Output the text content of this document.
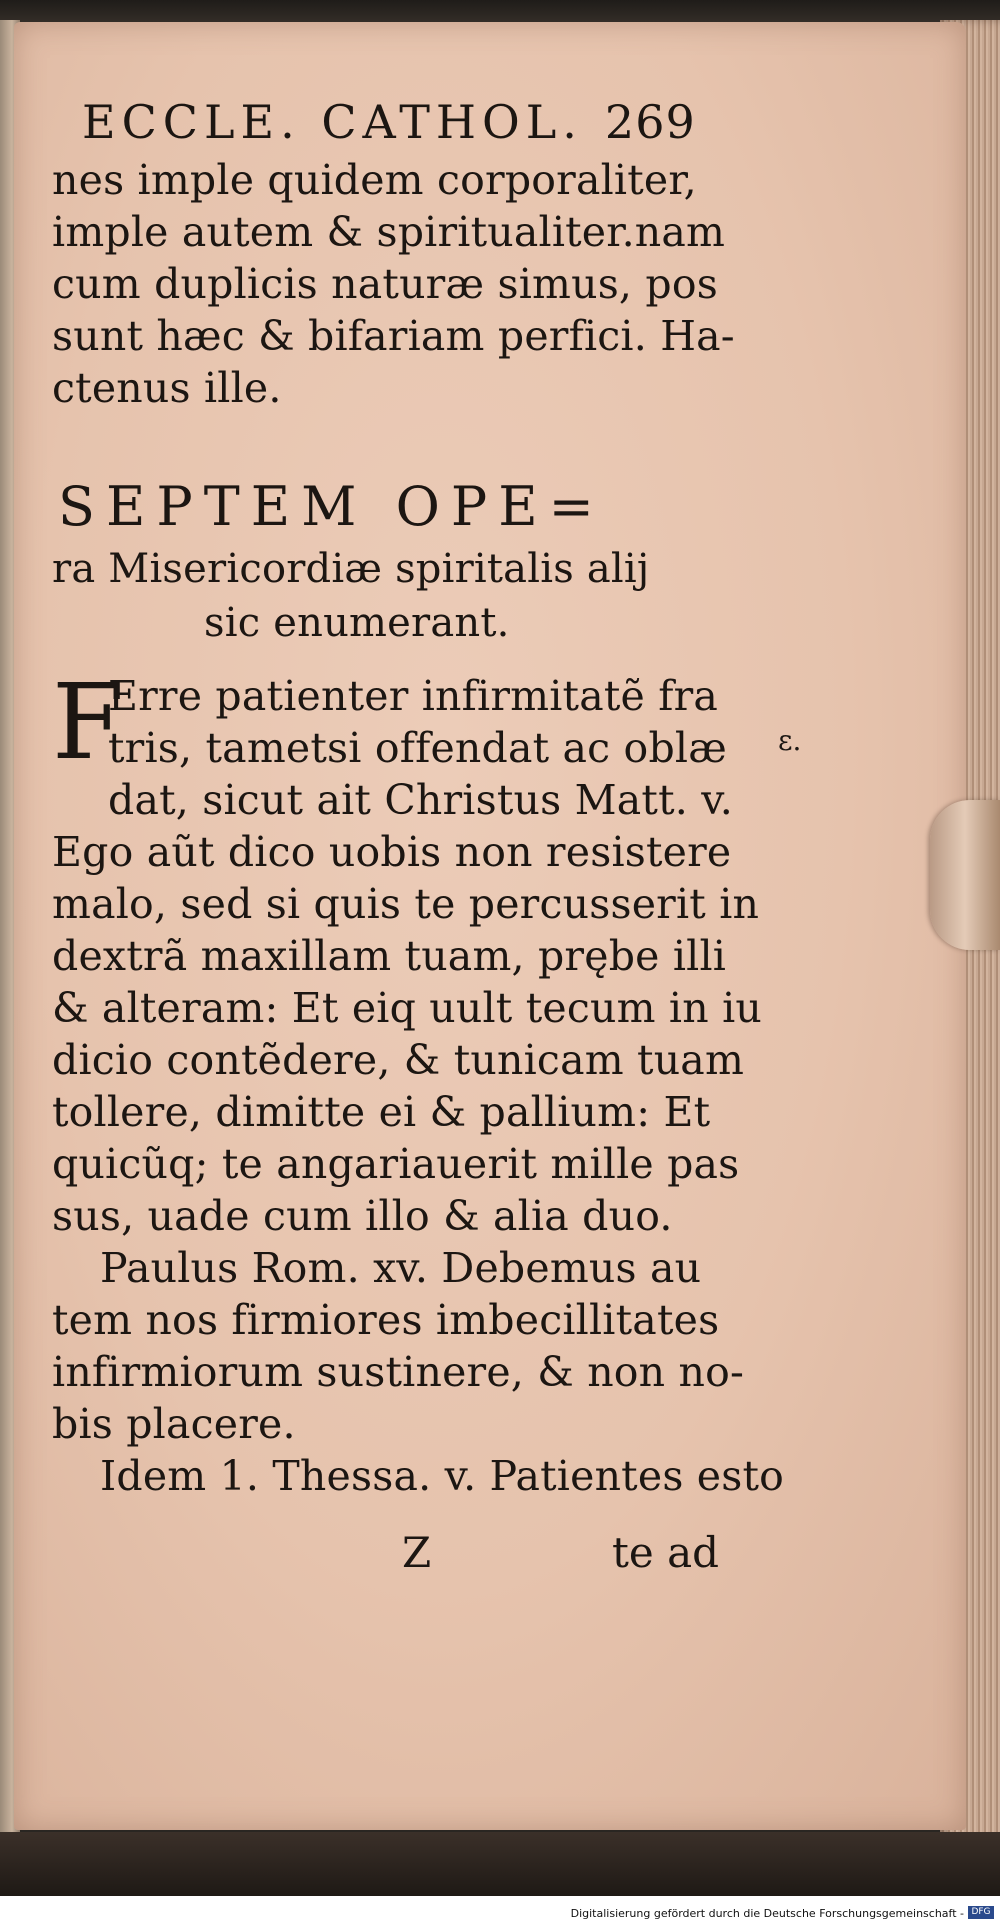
ECCLE. CATHOL. 269
nes imple quidem corporaliter,
imple autem & spiritualiter.nam
cum duplicis naturæ simus, pos
sunt hæc & bifariam perfici. Ha-
ctenus ille.
SEPTEM OPE=
ra Misericordiæ spiritalis alij
sic enumerant.
F
Erre patienter infirmitatẽ fra
tris, tametsi offendat ac oblæ
dat, sicut ait Christus Matt. v.
Ego aũt dico uobis non resistere
malo, sed si quis te percusserit in
dextrã maxillam tuam, prębe illi
& alteram: Et eiq uult tecum in iu
dicio contẽdere, & tunicam tuam
tollere, dimitte ei & pallium: Et
quicũq; te angariauerit mille pas
sus, uade cum illo & alia duo.
Paulus Rom. xv. Debemus au
tem nos firmiores imbecillitates
infirmiorum sustinere, & non no-
bis placere.
Idem 1. Thessa. v. Patientes esto
ε.
Z	te ad
Digitalisierung gefördert durch die Deutsche Forschungsgemeinschaft - DFG
